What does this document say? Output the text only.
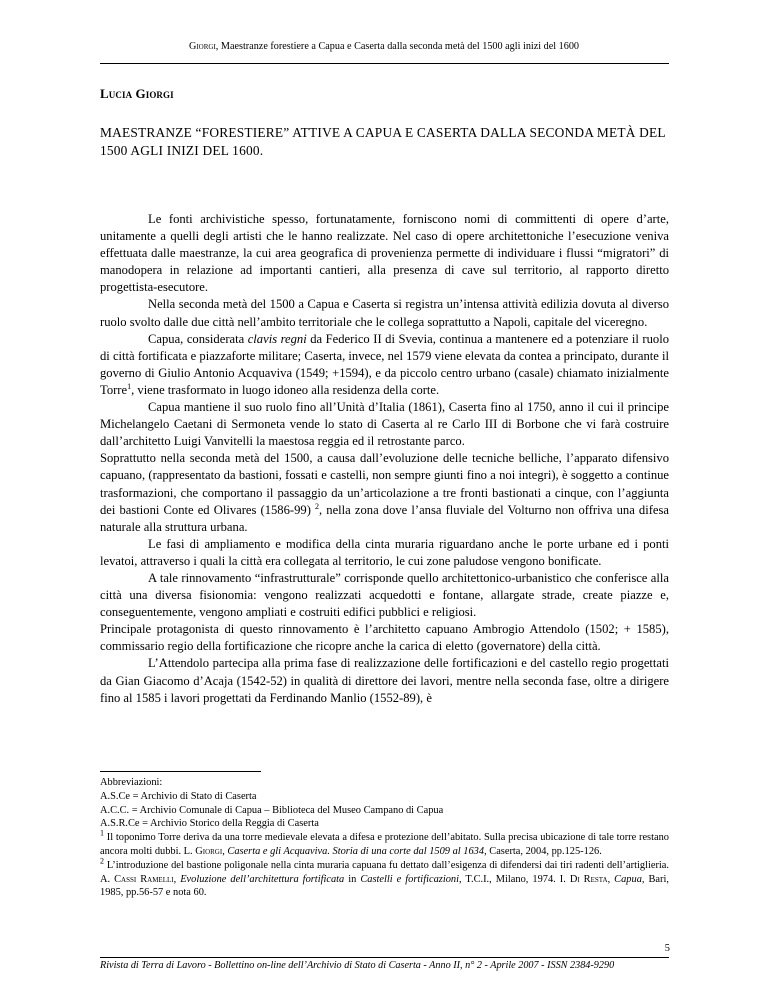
Giorgi, Maestranze forestiere a Capua e Caserta dalla seconda metà del 1500 agli inizi del 1600
Lucia Giorgi
MAESTRANZE “FORESTIERE” ATTIVE A CAPUA E CASERTA DALLA SECONDA METÀ DEL 1500 AGLI INIZI DEL 1600.

Le fonti archivistiche spesso, fortunatamente, forniscono nomi di committenti di opere d’arte, unitamente a quelli degli artisti che le hanno realizzate. Nel caso di opere architettoniche l’esecuzione veniva effettuata dalle maestranze, la cui area geografica di provenienza permette di individuare i flussi “migratori” di manodopera in relazione ad importanti cantieri, alla presenza di cave sul territorio, al rapporto diretto progettista-esecutore.

Nella seconda metà del 1500 a Capua e Caserta si registra un’intensa attività edilizia dovuta al diverso ruolo svolto dalle due città nell’ambito territoriale che le collega soprattutto a Napoli, capitale del viceregno.

Capua, considerata clavis regni da Federico II di Svevia, continua a mantenere ed a potenziare il ruolo di città fortificata e piazzaforte militare; Caserta, invece, nel 1579 viene elevata da contea a principato, durante il governo di Giulio Antonio Acquaviva (1549; +1594), e da piccolo centro urbano (casale) chiamato inizialmente Torre$^1$, viene trasformato in luogo idoneo alla residenza della corte.

Capua mantiene il suo ruolo fino all’Unità d’Italia (1861), Caserta fino al 1750, anno il cui il principe Michelangelo Caetani di Sermoneta vende lo stato di Caserta al re Carlo III di Borbone che vi farà costruire dall’architetto Luigi Vanvitelli la maestosa reggia ed il retrostante parco.

Soprattutto nella seconda metà del 1500, a causa dall’evoluzione delle tecniche belliche, l’apparato difensivo capuano, (rappresentato da bastioni, fossati e castelli, non sempre giunti fino a noi integri), è soggetto a continue trasformazioni, che comportano il passaggio da un’articolazione a tre fronti bastionati a cinque, con l’aggiunta dei bastioni Conte ed Olivares (1586-99) $^2$, nella zona dove l’ansa fluviale del Volturno non offriva una difesa naturale alla struttura urbana.

Le fasi di ampliamento e modifica della cinta muraria riguardano anche le porte urbane ed i ponti levatoi, attraverso i quali la città era collegata al territorio, le cui zone paludose vengono bonificate.

A tale rinnovamento “infrastrutturale” corrisponde quello architettonico-urbanistico che conferisce alla città una diversa fisionomia: vengono realizzati acquedotti e fontane, allargate strade, create piazze e, conseguentemente, vengono ampliati e costruiti edifici pubblici e religiosi.

Principale protagonista di questo rinnovamento è l’architetto capuano Ambrogio Attendolo (1502; + 1585), commissario regio della fortificazione che ricopre anche la carica di eletto (governatore) della città.

L’Attendolo partecipa alla prima fase di realizzazione delle fortificazioni e del castello regio progettati da Gian Giacomo d’Acaja (1542-52) in qualità di direttore dei lavori, mentre nella seconda fase, oltre a dirigere fino al 1585 i lavori progettati da Ferdinando Manlio (1552-89), è

Abbreviazioni:
A.S.Ce = Archivio di Stato di Caserta
A.C.C. = Archivio Comunale di Capua – Biblioteca del Museo Campano di Capua
A.S.R.Ce = Archivio Storico della Reggia di Caserta
$^1$ Il toponimo Torre deriva da una torre medievale elevata a difesa e protezione dell’abitato. Sulla precisa ubicazione di tale torre restano ancora molti dubbi. L. Giorgi, Caserta e gli Acquaviva. Storia di una corte dal 1509 al 1634, Caserta, 2004, pp.125-126.
$^2$ L’introduzione del bastione poligonale nella cinta muraria capuana fu dettato dall’esigenza di difendersi dai tiri radenti dell’artiglieria. A. Cassi Ramelli, Evoluzione dell’architettura fortificata in Castelli e fortificazioni, T.C.I., Milano, 1974. I. Di Resta, Capua, Bari, 1985, pp.56-57 e nota 60.
5
Rivista di Terra di Lavoro - Bollettino on-line dell’Archivio di Stato di Caserta - Anno II, n° 2 - Aprile 2007 - ISSN 2384-9290
